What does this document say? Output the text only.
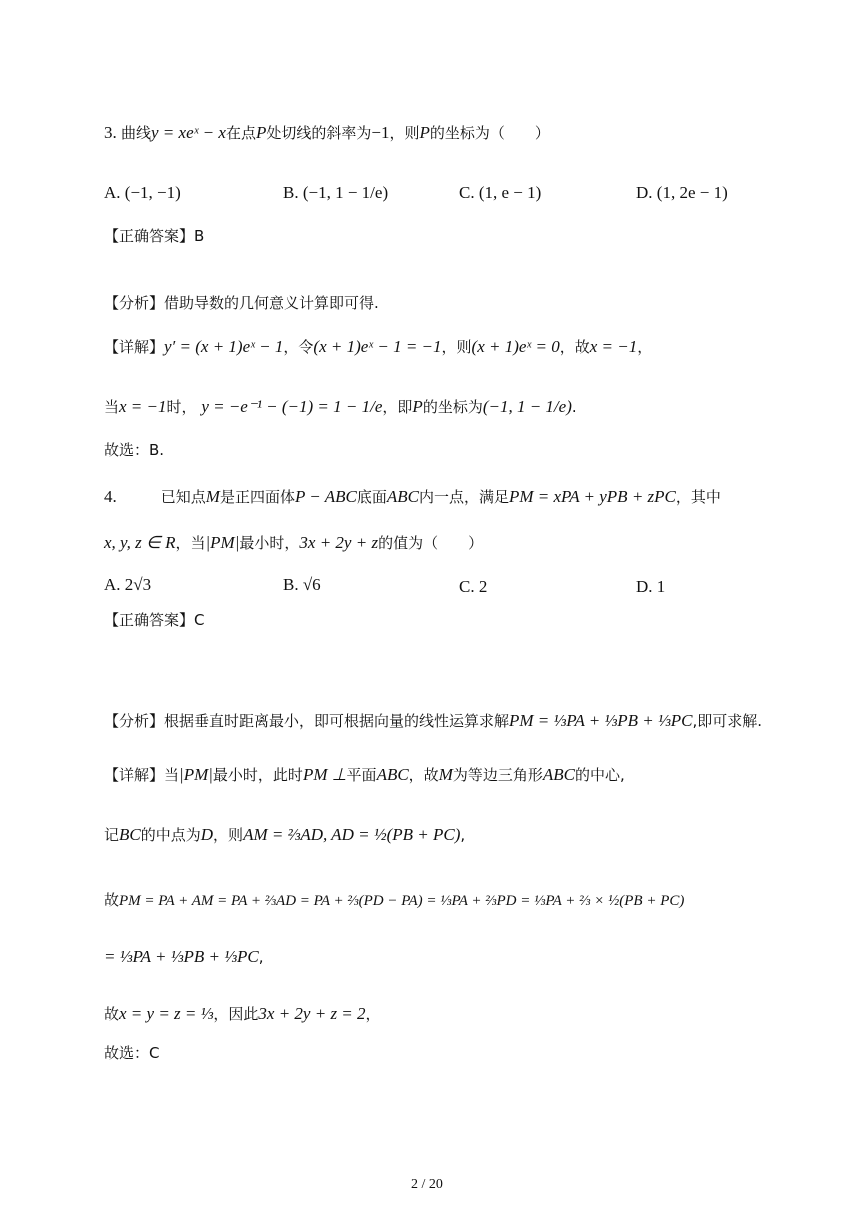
3. 曲线y = xeˣ − x在点P处切线的斜率为−1，则P的坐标为（　　）
A. (−1, −1)	B. (−1, 1 − 1/e)	C. (1, e − 1)	D. (1, 2e − 1)
【正确答案】B
【分析】借助导数的几何意义计算即可得.
【详解】y′ = (x + 1)eˣ − 1，令(x + 1)eˣ − 1 = −1，则(x + 1)eˣ = 0，故x = −1，
当x = −1时， y = −e⁻¹ − (−1) = 1 − 1/e，即P的坐标为(−1, 1 − 1/e).
故选：B.
4.	已知点M是正四面体P − ABC底面ABC内一点，满足PM = xPA + yPB + zPC，其中
x, y, z ∈ R，当|PM|最小时，3x + 2y + z的值为（　　）
A. 2√3	B. √6	C. 2	D. 1
【正确答案】C
【分析】根据垂直时距离最小，即可根据向量的线性运算求解PM = ⅓PA + ⅓PB + ⅓PC,即可求解.
【详解】当|PM|最小时，此时PM ⊥平面ABC，故M为等边三角形ABC的中心,
记BC的中点为D，则AM = ⅔AD, AD = ½(PB + PC),
故PM = PA + AM = PA + ⅔AD = PA + ⅔(PD − PA) = ⅓PA + ⅔PD = ⅓PA + ⅔ × ½(PB + PC)
= ⅓PA + ⅓PB + ⅓PC,
故x = y = z = ⅓，因此3x + 2y + z = 2，
故选：C
2 / 20
